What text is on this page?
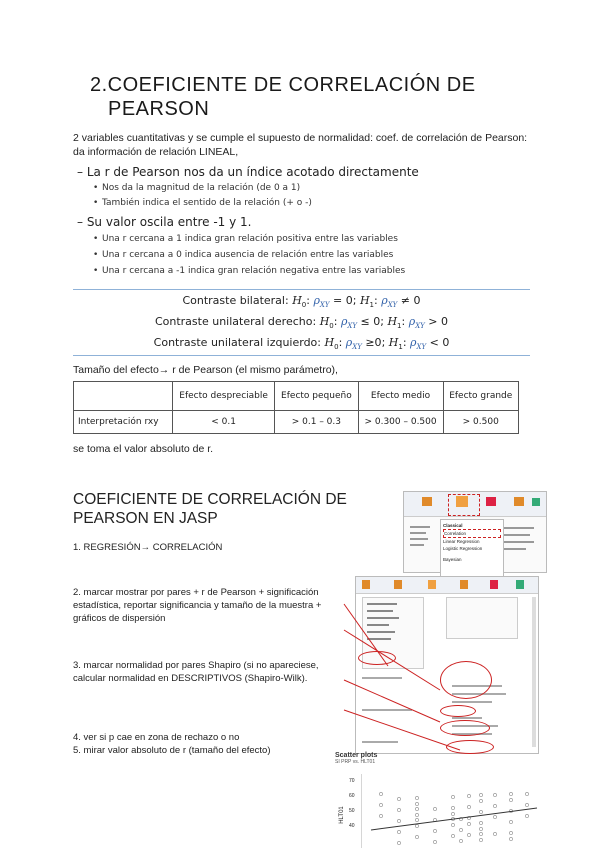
2.COEFICIENTE DE CORRELACIÓN DE
PEARSON
2 variables cuantitativas y se cumple el supuesto de normalidad: coef. de correlación de Pearson: da información de relación LINEAL,
– La r de Pearson nos da un índice acotado directamente
• Nos da la magnitud de la relación (de 0 a 1)
• También indica el sentido de la relación (+ o -)
– Su valor oscila entre -1 y 1.
• Una r cercana a 1 indica gran relación positiva entre las variables
• Una r cercana a 0 indica ausencia de relación entre las variables
• Una r cercana a -1 indica gran relación negativa entre las variables
Contraste bilateral: $H_0$: $\rho_{XY} = 0$; $H_1$: $\rho_{XY} \ne 0$
Contraste unilateral derecho: $H_0$: $\rho_{XY} \le 0$; $H_1$: $\rho_{XY} > 0$
Contraste unilateral izquierdo: $H_0$: $\rho_{XY} \ge 0$; $H_1$: $\rho_{XY} < 0$
Tamaño del efecto→ r de Pearson (el mismo parámetro),
	Efecto despreciable	Efecto pequeño	Efecto medio	Efecto grande
Interpretación rxy	< 0.1	> 0.1 – 0.3	> 0.300 – 0.500	> 0.500
se toma el valor absoluto de r.
COEFICIENTE DE CORRELACIÓN DE
PEARSON EN JASP
1. REGRESIÓN→ CORRELACIÓN
2. marcar mostrar por pares + r de Pearson + significación estadística, reportar significancia y tamaño de la muestra + gráficos de dispersión
3. marcar normalidad por pares Shapiro (si no apareciese, calcular normalidad en DESCRIPTIVOS (Shapiro-Wilk).
4. ver si p cae en zona de rechazo o no
5. mirar valor absoluto de r (tamaño del efecto)
Classical
Correlation
Linear Regression
Logistic Regression
Bayesian
Scatter plots
SI PRP vs. HLT01
HLT01
70
60
50
40
